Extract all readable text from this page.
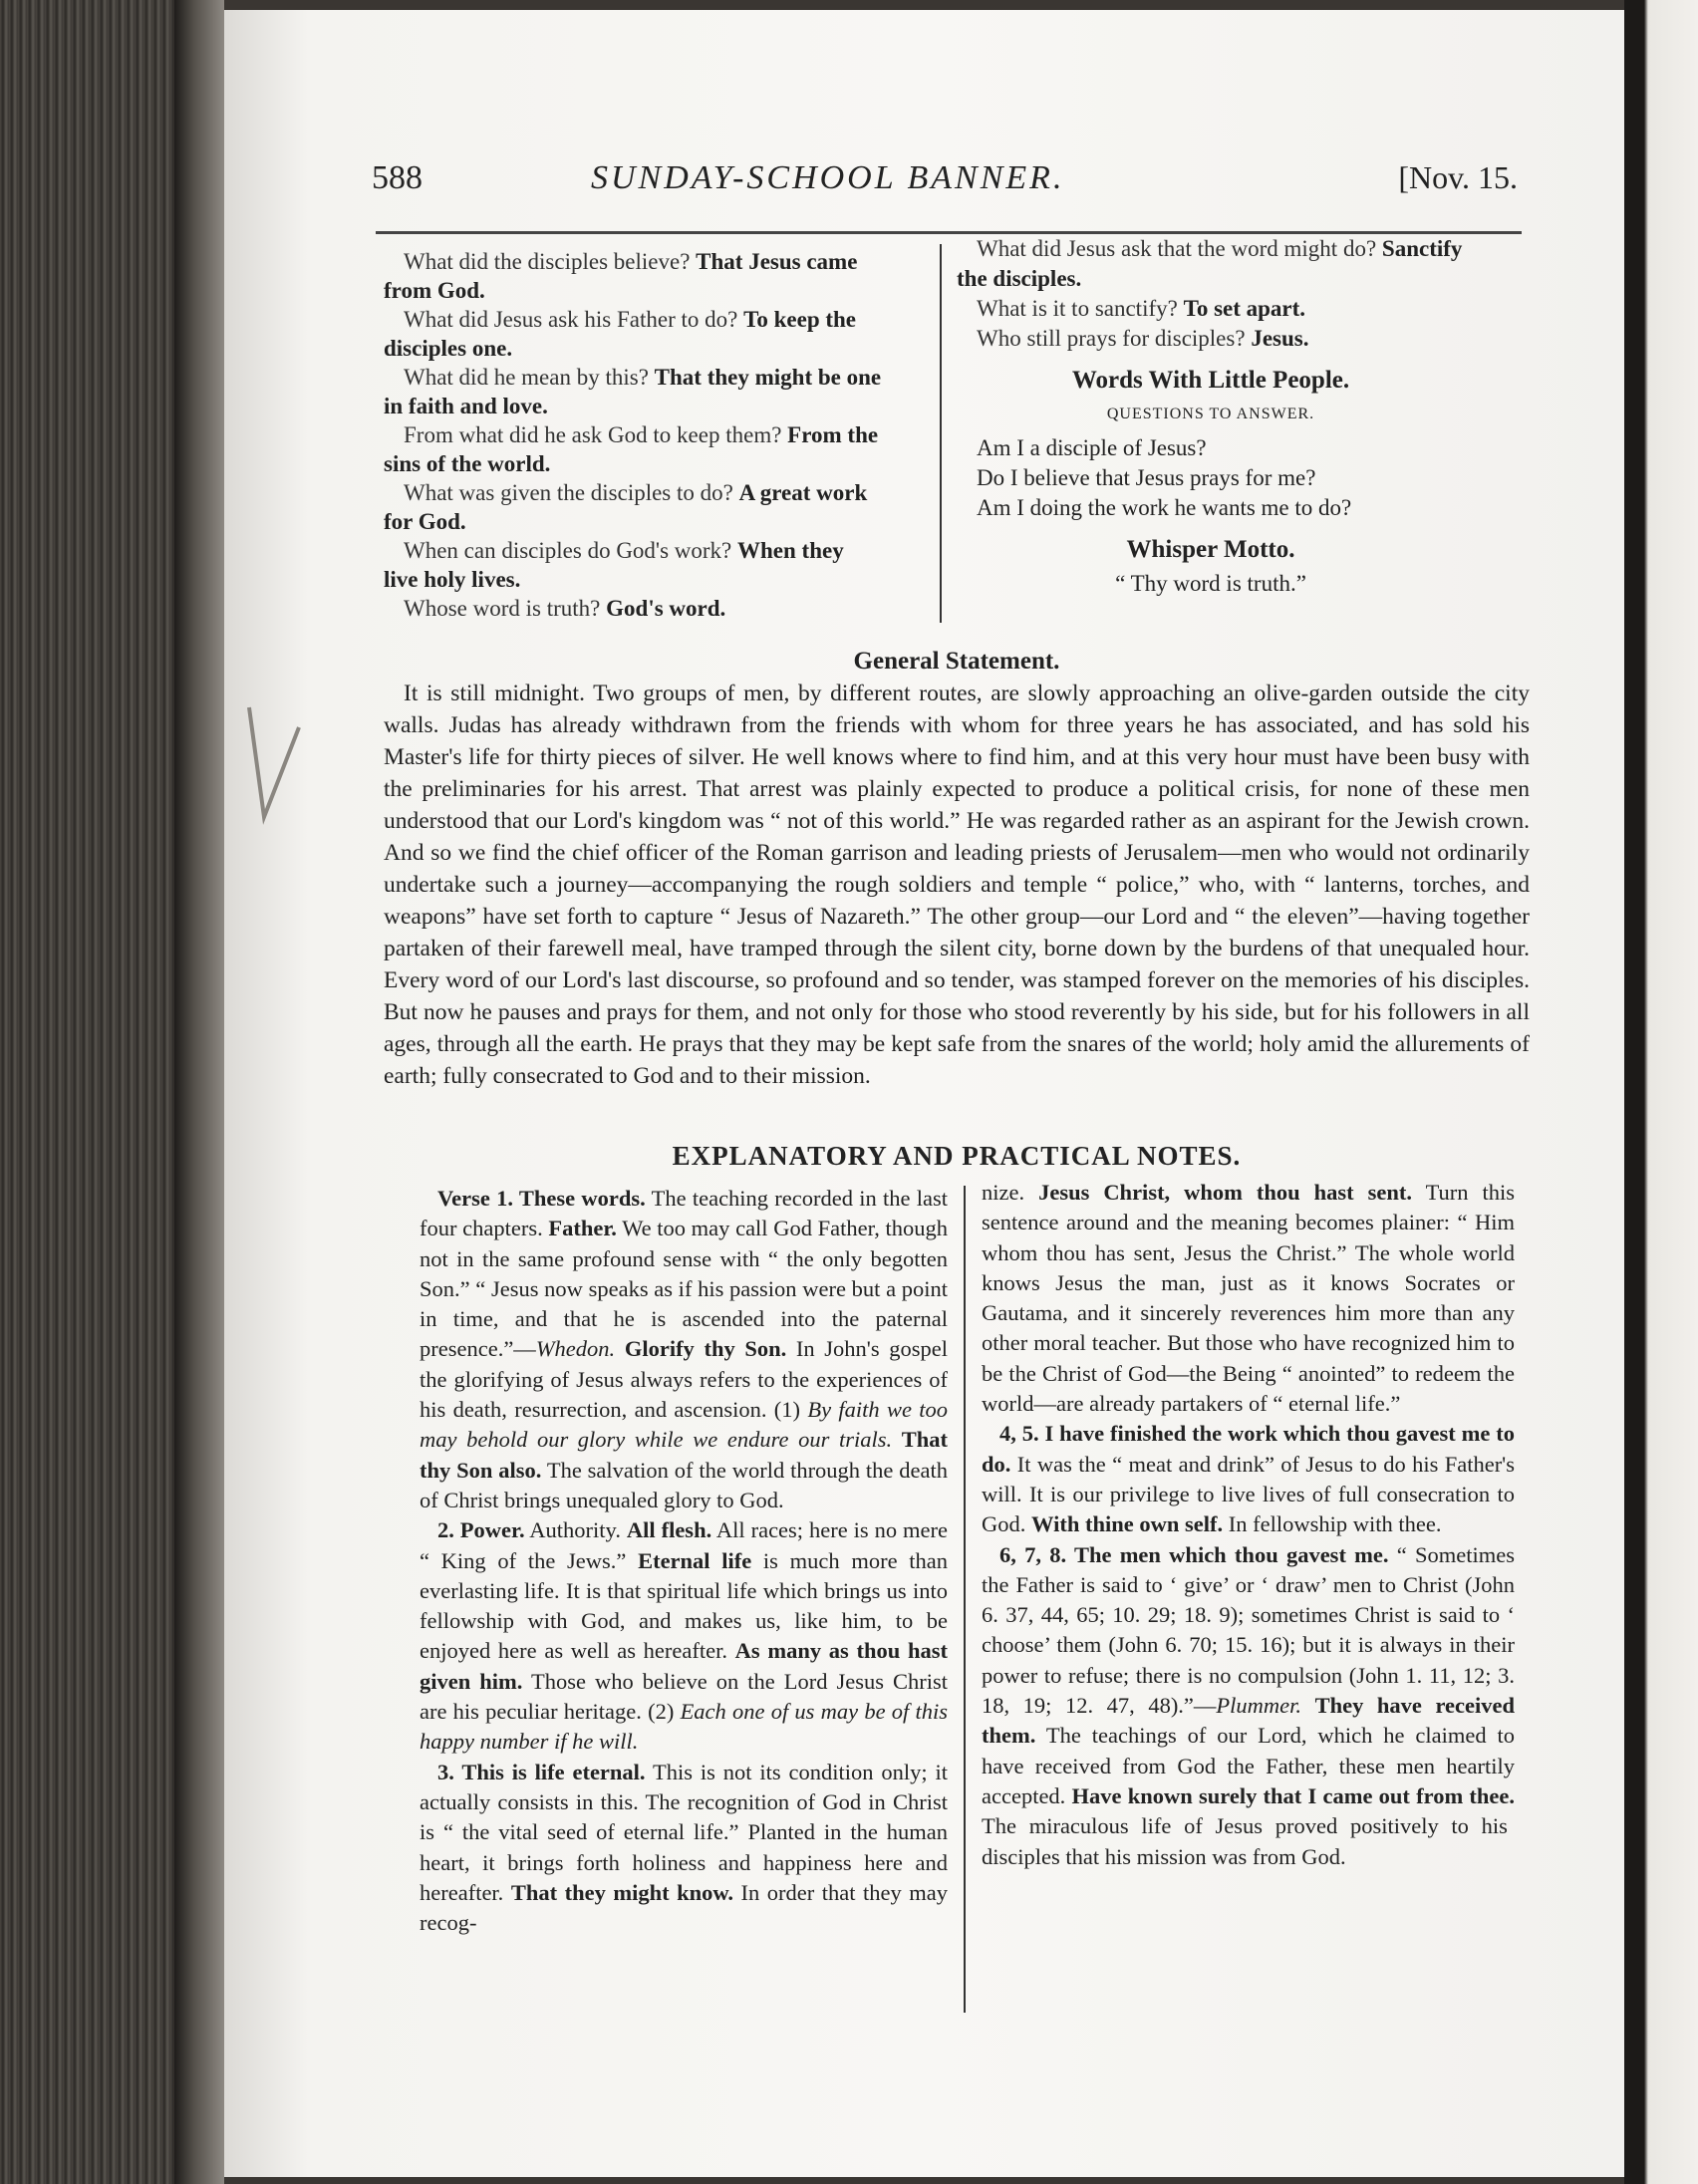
588	SUNDAY-SCHOOL BANNER.	[Nov. 15.
What did the disciples believe? That Jesus came from God.
What did Jesus ask his Father to do? To keep the disciples one.
What did he mean by this? That they might be one in faith and love.
From what did he ask God to keep them? From the sins of the world.
What was given the disciples to do? A great work for God.
When can disciples do God's work? When they live holy lives.
Whose word is truth? God's word.
What did Jesus ask that the word might do? Sanctify the disciples.
What is it to sanctify? To set apart.
Who still prays for disciples? Jesus.
Words With Little People.
QUESTIONS TO ANSWER.
Am I a disciple of Jesus?
Do I believe that Jesus prays for me?
Am I doing the work he wants me to do?
Whisper Motto.
“ Thy word is truth.”
General Statement.
It is still midnight. Two groups of men, by different routes, are slowly approaching an olive-garden outside the city walls. Judas has already withdrawn from the friends with whom for three years he has associated, and has sold his Master's life for thirty pieces of silver. He well knows where to find him, and at this very hour must have been busy with the preliminaries for his arrest. That arrest was plainly expected to produce a political crisis, for none of these men understood that our Lord's kingdom was “ not of this world.” He was regarded rather as an aspirant for the Jewish crown. And so we find the chief officer of the Roman garrison and leading priests of Jerusalem—men who would not ordinarily undertake such a journey—accompanying the rough soldiers and temple “ police,” who, with “ lanterns, torches, and weapons” have set forth to capture “ Jesus of Nazareth.” The other group—our Lord and “ the eleven”—having together partaken of their farewell meal, have tramped through the silent city, borne down by the burdens of that unequaled hour. Every word of our Lord's last discourse, so profound and so tender, was stamped forever on the memories of his disciples. But now he pauses and prays for them, and not only for those who stood reverently by his side, but for his followers in all ages, through all the earth. He prays that they may be kept safe from the snares of the world; holy amid the allurements of earth; fully consecrated to God and to their mission.
EXPLANATORY AND PRACTICAL NOTES.

Verse 1. These words. The teaching recorded in the last four chapters. Father. We too may call God Father, though not in the same profound sense with “ the only begotten Son.” “ Jesus now speaks as if his passion were but a point in time, and that he is ascended into the paternal presence.”—Whedon. Glorify thy Son. In John's gospel the glorifying of Jesus always refers to the experiences of his death, resurrection, and ascension. (1) By faith we too may behold our glory while we endure our trials. That thy Son also. The salvation of the world through the death of Christ brings unequaled glory to God.

2. Power. Authority. All flesh. All races; here is no mere “ King of the Jews.” Eternal life is much more than everlasting life. It is that spiritual life which brings us into fellowship with God, and makes us, like him, to be enjoyed here as well as hereafter. As many as thou hast given him. Those who believe on the Lord Jesus Christ are his peculiar heritage. (2) Each one of us may be of this happy number if he will.

3. This is life eternal. This is not its condition only; it actually consists in this. The recognition of God in Christ is “ the vital seed of eternal life.” Planted in the human heart, it brings forth holiness and happiness here and hereafter. That they might know. In order that they may recog-

nize. Jesus Christ, whom thou hast sent. Turn this sentence around and the meaning becomes plainer: “ Him whom thou has sent, Jesus the Christ.” The whole world knows Jesus the man, just as it knows Socrates or Gautama, and it sincerely reverences him more than any other moral teacher. But those who have recognized him to be the Christ of God—the Being “ anointed” to redeem the world—are already partakers of “ eternal life.”

4, 5. I have finished the work which thou gavest me to do. It was the “ meat and drink” of Jesus to do his Father's will. It is our privilege to live lives of full consecration to God. With thine own self. In fellowship with thee.

6, 7, 8. The men which thou gavest me. “ Sometimes the Father is said to ‘ give’ or ‘ draw’ men to Christ (John 6. 37, 44, 65; 10. 29; 18. 9); sometimes Christ is said to ‘ choose’ them (John 6. 70; 15. 16); but it is always in their power to refuse; there is no compulsion (John 1. 11, 12; 3. 18, 19; 12. 47, 48).”—Plummer. They have received them. The teachings of our Lord, which he claimed to have received from God the Father, these men heartily accepted. Have known surely that I came out from thee. The miraculous life of Jesus proved positively to his disciples that his mission was from God.
